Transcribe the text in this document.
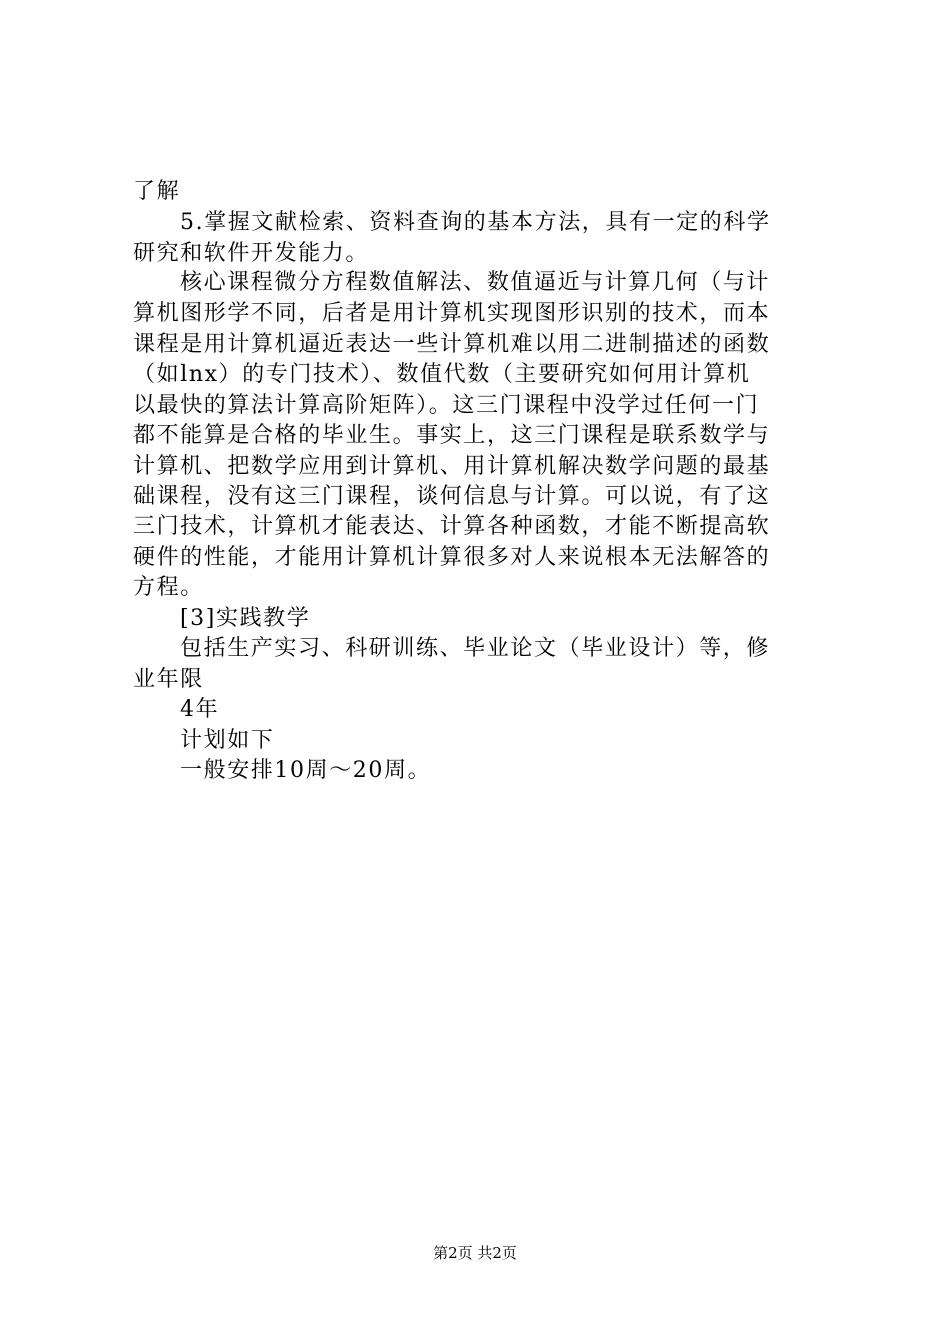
了解
5.掌握文献检索、资料查询的基本方法，具有一定的科学
研究和软件开发能力。
核心课程微分方程数值解法、数值逼近与计算几何（与计
算机图形学不同，后者是用计算机实现图形识别的技术，而本
课程是用计算机逼近表达一些计算机难以用二进制描述的函数
（如lnx）的专门技术）、数值代数（主要研究如何用计算机
以最快的算法计算高阶矩阵）。这三门课程中没学过任何一门
都不能算是合格的毕业生。事实上，这三门课程是联系数学与
计算机、把数学应用到计算机、用计算机解决数学问题的最基
础课程，没有这三门课程，谈何信息与计算。可以说，有了这
三门技术，计算机才能表达、计算各种函数，才能不断提高软
硬件的性能，才能用计算机计算很多对人来说根本无法解答的
方程。
[3]实践教学
包括生产实习、科研训练、毕业论文（毕业设计）等，修
业年限
4年
计划如下
一般安排10周～20周。
第2页 共2页
